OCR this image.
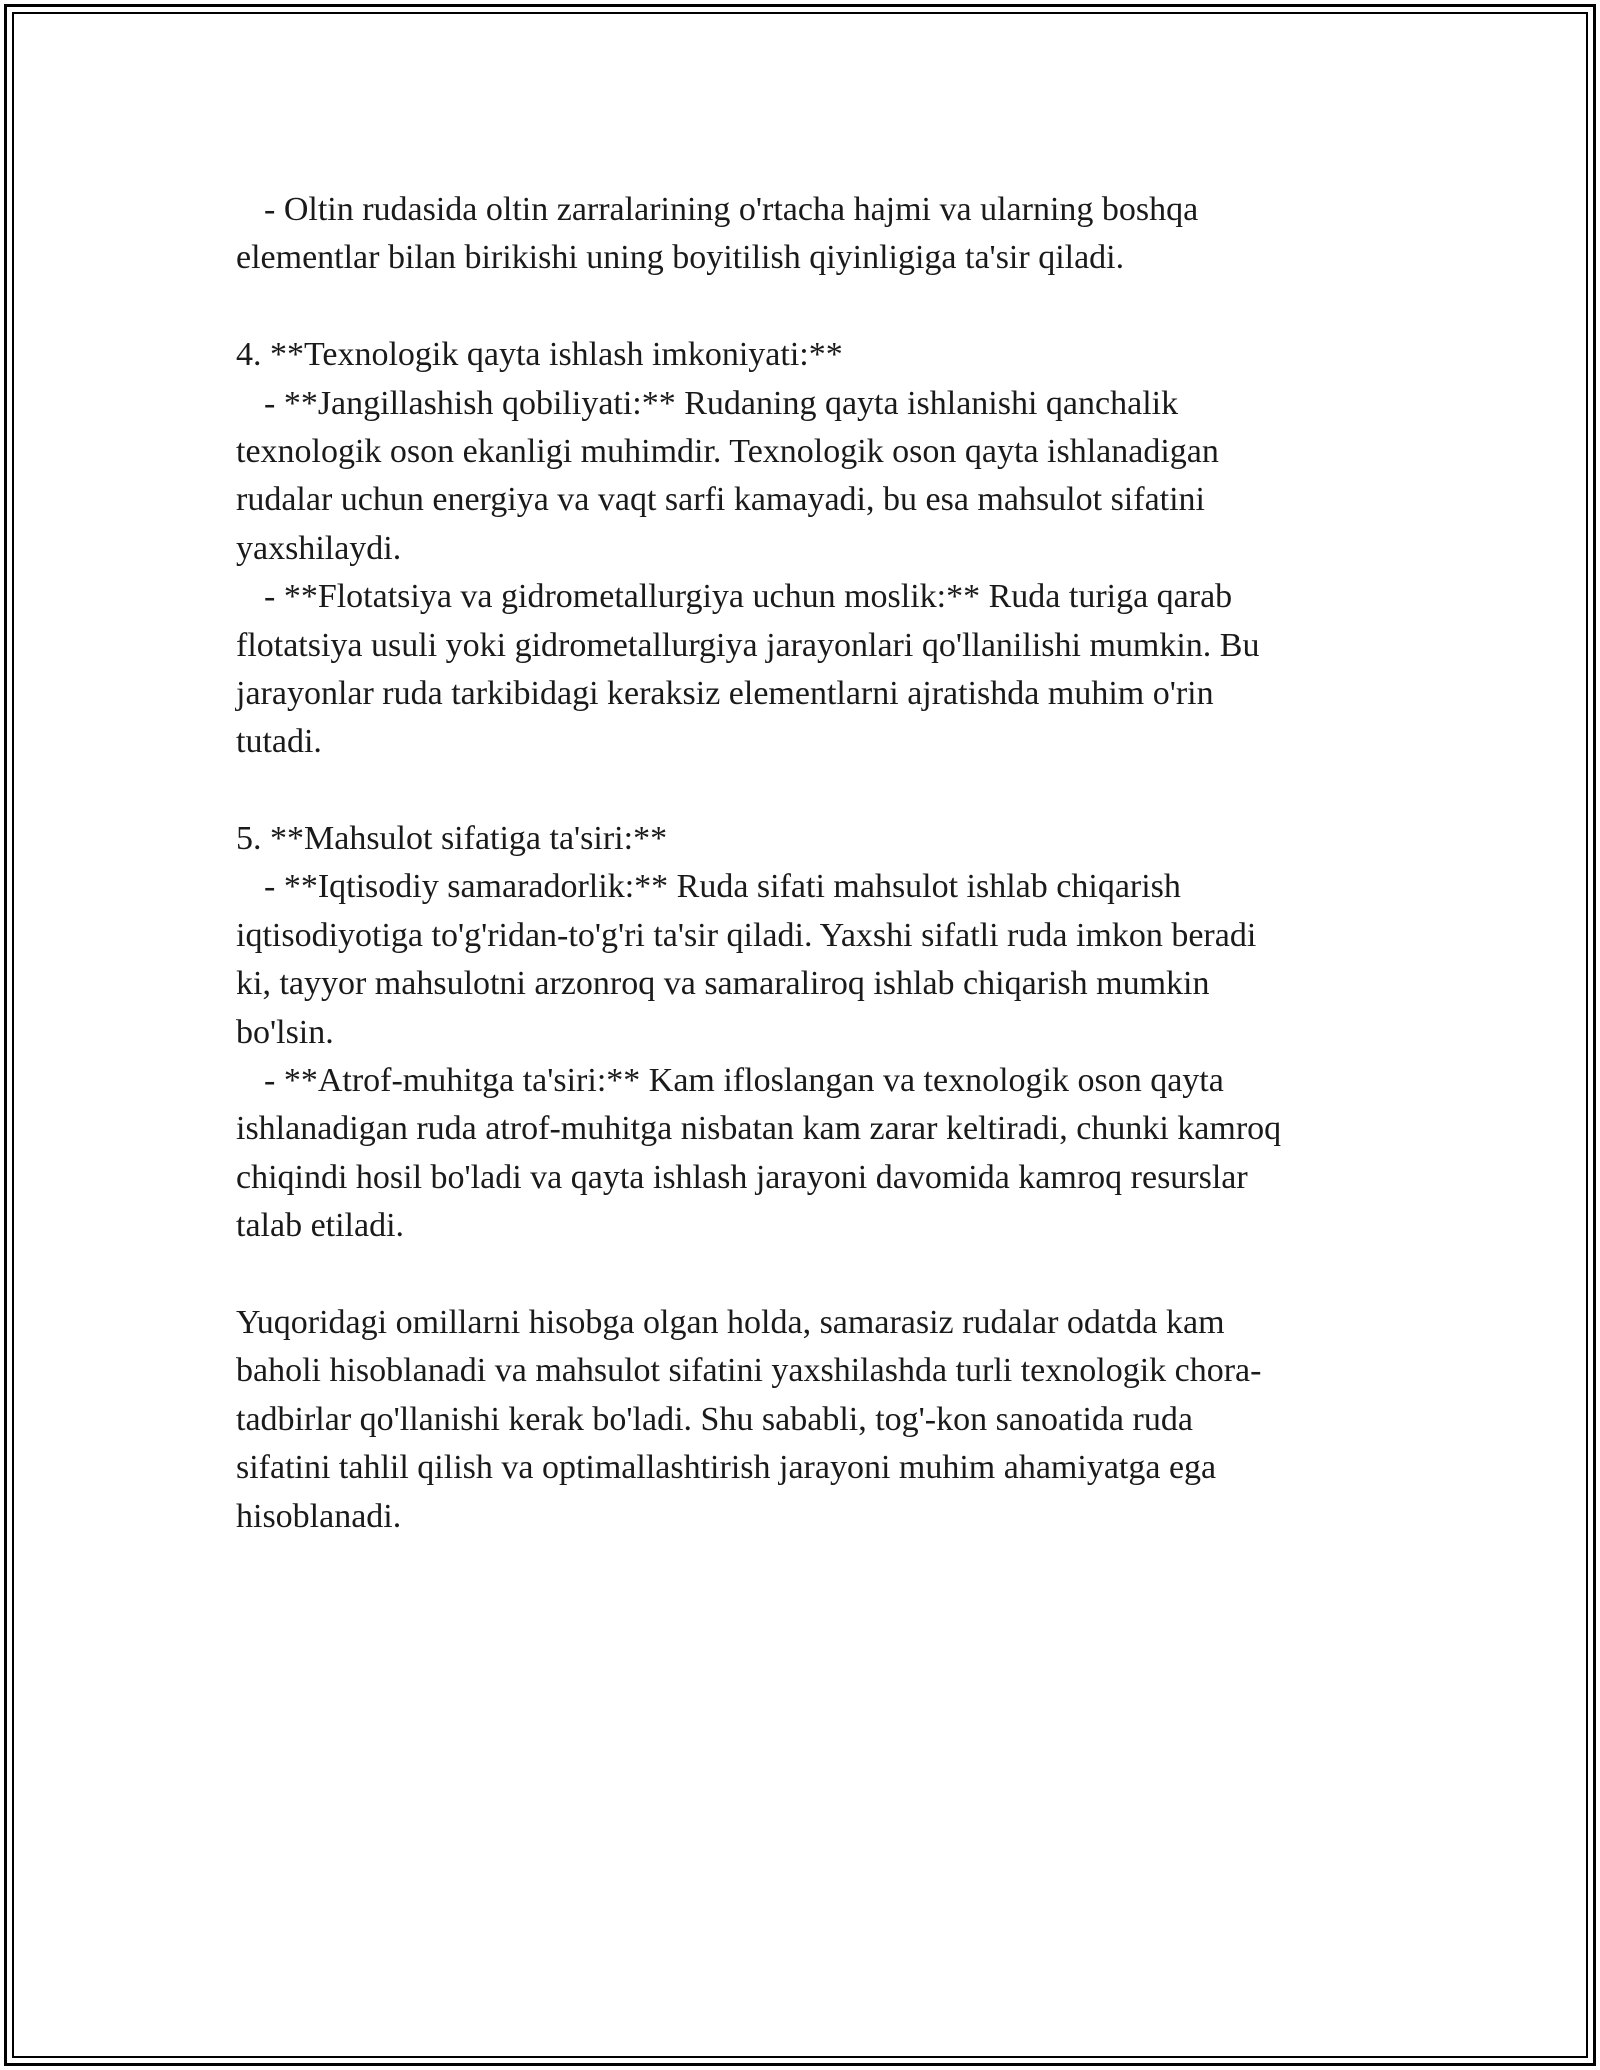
- Oltin rudasida oltin zarralarining o'rtacha hajmi va ularning boshqa
elementlar bilan birikishi uning boyitilish qiyinligiga ta'sir qiladi.
4. **Texnologik qayta ishlash imkoniyati:**
- **Jangillashish qobiliyati:** Rudaning qayta ishlanishi qanchalik
texnologik oson ekanligi muhimdir. Texnologik oson qayta ishlanadigan
rudalar uchun energiya va vaqt sarfi kamayadi, bu esa mahsulot sifatini
yaxshilaydi.
- **Flotatsiya va gidrometallurgiya uchun moslik:** Ruda turiga qarab
flotatsiya usuli yoki gidrometallurgiya jarayonlari qo'llanilishi mumkin. Bu
jarayonlar ruda tarkibidagi keraksiz elementlarni ajratishda muhim o'rin
tutadi.
5. **Mahsulot sifatiga ta'siri:**
- **Iqtisodiy samaradorlik:** Ruda sifati mahsulot ishlab chiqarish
iqtisodiyotiga to'g'ridan-to'g'ri ta'sir qiladi. Yaxshi sifatli ruda imkon beradi
ki, tayyor mahsulotni arzonroq va samaraliroq ishlab chiqarish mumkin
bo'lsin.
- **Atrof-muhitga ta'siri:** Kam ifloslangan va texnologik oson qayta
ishlanadigan ruda atrof-muhitga nisbatan kam zarar keltiradi, chunki kamroq
chiqindi hosil bo'ladi va qayta ishlash jarayoni davomida kamroq resurslar
talab etiladi.
Yuqoridagi omillarni hisobga olgan holda, samarasiz rudalar odatda kam
baholi hisoblanadi va mahsulot sifatini yaxshilashda turli texnologik chora-
tadbirlar qo'llanishi kerak bo'ladi. Shu sababli, tog'-kon sanoatida ruda
sifatini tahlil qilish va optimallashtirish jarayoni muhim ahamiyatga ega
hisoblanadi.
